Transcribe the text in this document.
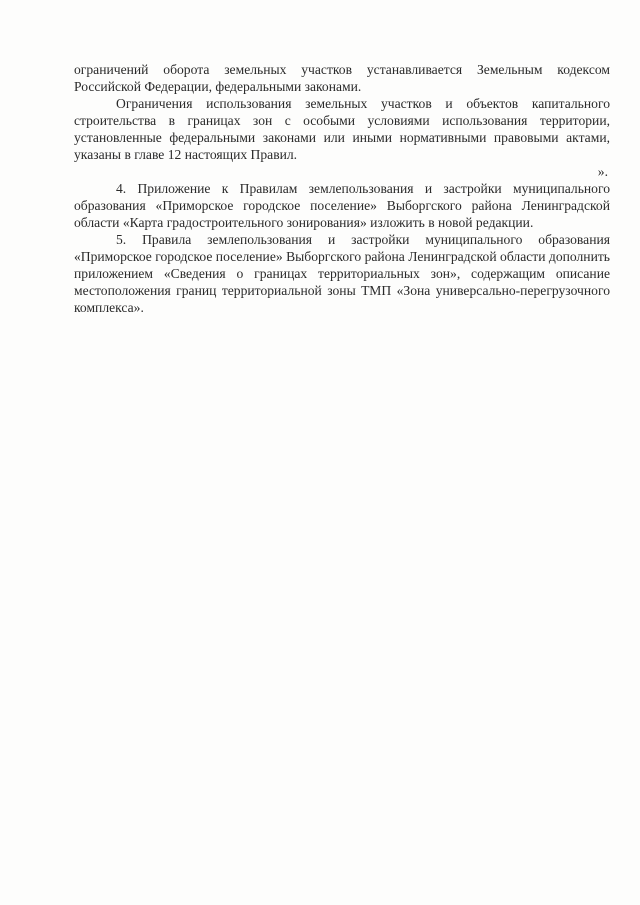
ограничений оборота земельных участков устанавливается Земельным кодексом Российской Федерации, федеральными законами.

Ограничения использования земельных участков и объектов капитального строительства в границах зон с особыми условиями использования территории, установленные федеральными законами или иными нормативными правовыми актами, указаны в главе 12 настоящих Правил.

».

4. Приложение к Правилам землепользования и застройки муниципального образования «Приморское городское поселение» Выборгского района Ленинградской области «Карта градостроительного зонирования» изложить в новой редакции.

5. Правила землепользования и застройки муниципального образования «Приморское городское поселение» Выборгского района Ленинградской области дополнить приложением «Сведения о границах территориальных зон», содержащим описание местоположения границ территориальной зоны ТМП «Зона универсально-перегрузочного комплекса».
